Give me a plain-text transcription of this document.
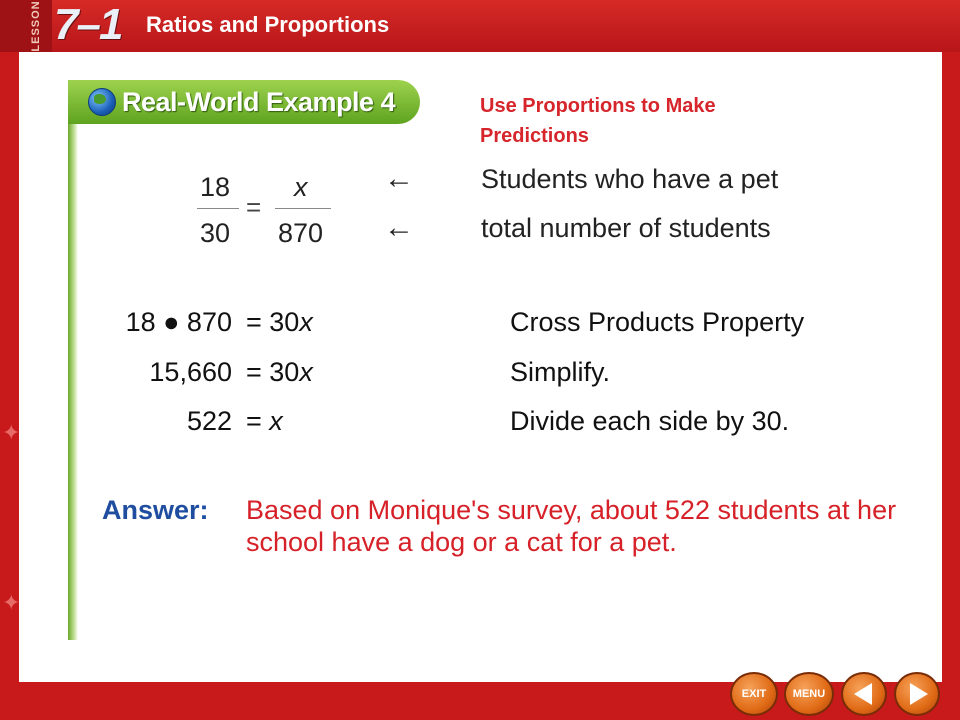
LESSON 7–1 Ratios and Proportions
✦
✦
Real-World Example 4	Use Proportions to Make Predictions
18
30
=
x
870
← Students who have a pet
← total number of students
18 ● 870 = 30x	Cross Products Property
15,660 = 30x	Simplify.
522 = x	Divide each side by 30.
Answer: Based on Monique's survey, about 522 students at her school have a dog or a cat for a pet.
EXIT	MENU
